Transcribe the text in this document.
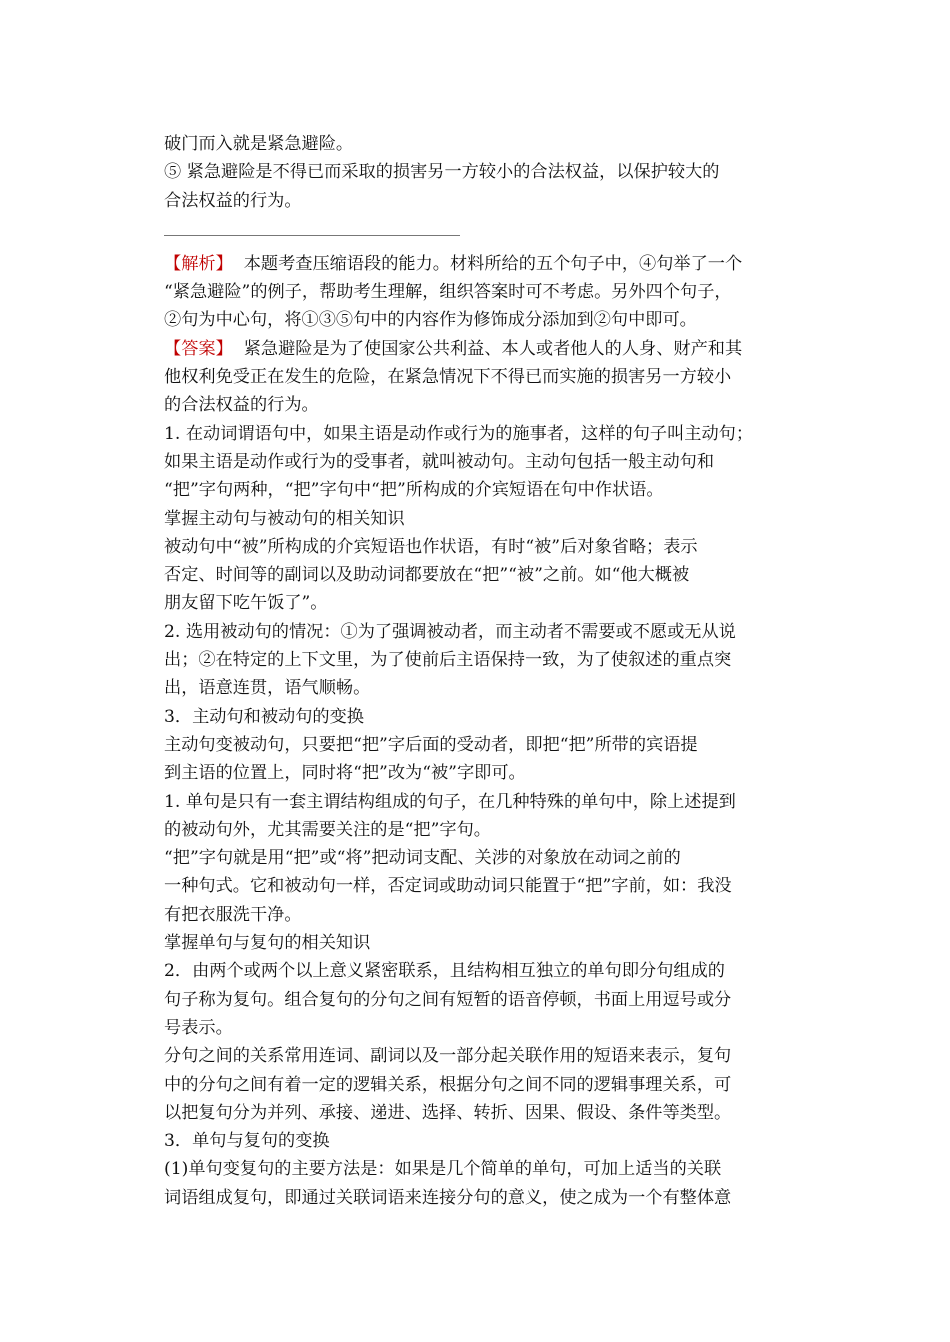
破门而入就是紧急避险。

⑤ 紧急避险是不得已而采取的损害另一方较小的合法权益，以保护较大的

合法权益的行为。

【解析】  本题考查压缩语段的能力。材料所给的五个句子中，④句举了一个

“紧急避险”的例子，帮助考生理解，组织答案时可不考虑。另外四个句子，

②句为中心句，将①③⑤句中的内容作为修饰成分添加到②句中即可。

【答案】  紧急避险是为了使国家公共利益、本人或者他人的人身、财产和其

他权利免受正在发生的危险，在紧急情况下不得已而实施的损害另一方较小

的合法权益的行为。

1. 在动词谓语句中，如果主语是动作或行为的施事者，这样的句子叫主动句；

如果主语是动作或行为的受事者，就叫被动句。主动句包括一般主动句和

“把”字句两种，“把”字句中“把”所构成的介宾短语在句中作状语。

掌握主动句与被动句的相关知识

被动句中“被”所构成的介宾短语也作状语，有时“被”后对象省略；表示

否定、时间等的副词以及助动词都要放在“把”“被”之前。如“他大概被

朋友留下吃午饭了”。

2. 选用被动句的情况：①为了强调被动者，而主动者不需要或不愿或无从说

出；②在特定的上下文里，为了使前后主语保持一致，为了使叙述的重点突

出，语意连贯，语气顺畅。

3．主动句和被动句的变换

主动句变被动句，只要把“把”字后面的受动者，即把“把”所带的宾语提

到主语的位置上，同时将“把”改为“被”字即可。

1. 单句是只有一套主谓结构组成的句子，在几种特殊的单句中，除上述提到

的被动句外，尤其需要关注的是“把”字句。

“把”字句就是用“把”或“将”把动词支配、关涉的对象放在动词之前的

一种句式。它和被动句一样，否定词或助动词只能置于“把”字前，如：我没

有把衣服洗干净。

掌握单句与复句的相关知识

2．由两个或两个以上意义紧密联系，且结构相互独立的单句即分句组成的

句子称为复句。组合复句的分句之间有短暂的语音停顿，书面上用逗号或分

号表示。

分句之间的关系常用连词、副词以及一部分起关联作用的短语来表示，复句

中的分句之间有着一定的逻辑关系，根据分句之间不同的逻辑事理关系，可

以把复句分为并列、承接、递进、选择、转折、因果、假设、条件等类型。

3．单句与复句的变换

(1)单句变复句的主要方法是：如果是几个简单的单句，可加上适当的关联

词语组成复句，即通过关联词语来连接分句的意义，使之成为一个有整体意
